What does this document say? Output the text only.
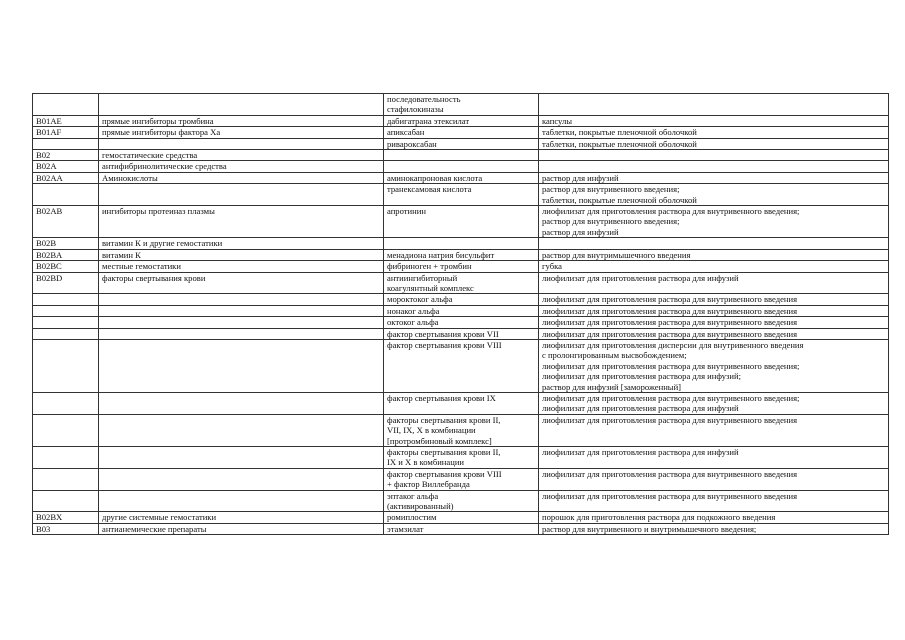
		последовательность
стафилокиназы	

B01AE	прямые ингибиторы тромбина	дабигатрана этексилат	капсулы

B01AF	прямые ингибиторы фактора Xa	апиксабан	таблетки, покрытые пленочной оболочкой

		ривароксабан	таблетки, покрытые пленочной оболочкой

B02	гемостатические средства	

B02A	антифибринолитические средства	

B02AA	Аминокислоты	аминокапроновая кислота	раствор для инфузий

		транексамовая кислота	раствор для внутривенного введения;
таблетки, покрытые пленочной оболочкой

B02AB	ингибиторы протеиназ плазмы	апротинин	лиофилизат для приготовления раствора для внутривенного введения;
раствор для внутривенного введения;
раствор для инфузий

B02B	витамин К и другие гемостатики	

B02BA	витамин К	менадиона натрия бисульфит	раствор для внутримышечного введения

B02BC	местные гемостатики	фибриноген + тромбин	губка

B02BD	факторы свертывания крови	антиингибиторный
коагулянтный комплекс	лиофилизат для приготовления раствора для инфузий

		мороктоког альфа	лиофилизат для приготовления раствора для внутривенного введения

		нонаког альфа	лиофилизат для приготовления раствора для внутривенного введения

		октоког альфа	лиофилизат для приготовления раствора для внутривенного введения

		фактор свертывания крови VII	лиофилизат для приготовления раствора для внутривенного введения

		фактор свертывания крови VIII	лиофилизат для приготовления дисперсии для внутривенного введения
с пролонгированным высвобождением;
лиофилизат для приготовления раствора для внутривенного введения;
лиофилизат для приготовления раствора для инфузий;
раствор для инфузий [замороженный]

		фактор свертывания крови IX	лиофилизат для приготовления раствора для внутривенного введения;
лиофилизат для приготовления раствора для инфузий

		факторы свертывания крови II,
VII, IX, X в комбинации
[протромбиновый комплекс]	лиофилизат для приготовления раствора для внутривенного введения

		факторы свертывания крови II,
IX и X в комбинации	лиофилизат для приготовления раствора для инфузий

		фактор свертывания крови VIII
+ фактор Виллебранда	лиофилизат для приготовления раствора для внутривенного введения

		эптаког альфа
(активированный)	лиофилизат для приготовления раствора для внутривенного введения

B02BX	другие системные гемостатики	ромиплостим	порошок для приготовления раствора для подкожного введения

B03	антианемические препараты	этамзилат	раствор для внутривенного и внутримышечного введения;
